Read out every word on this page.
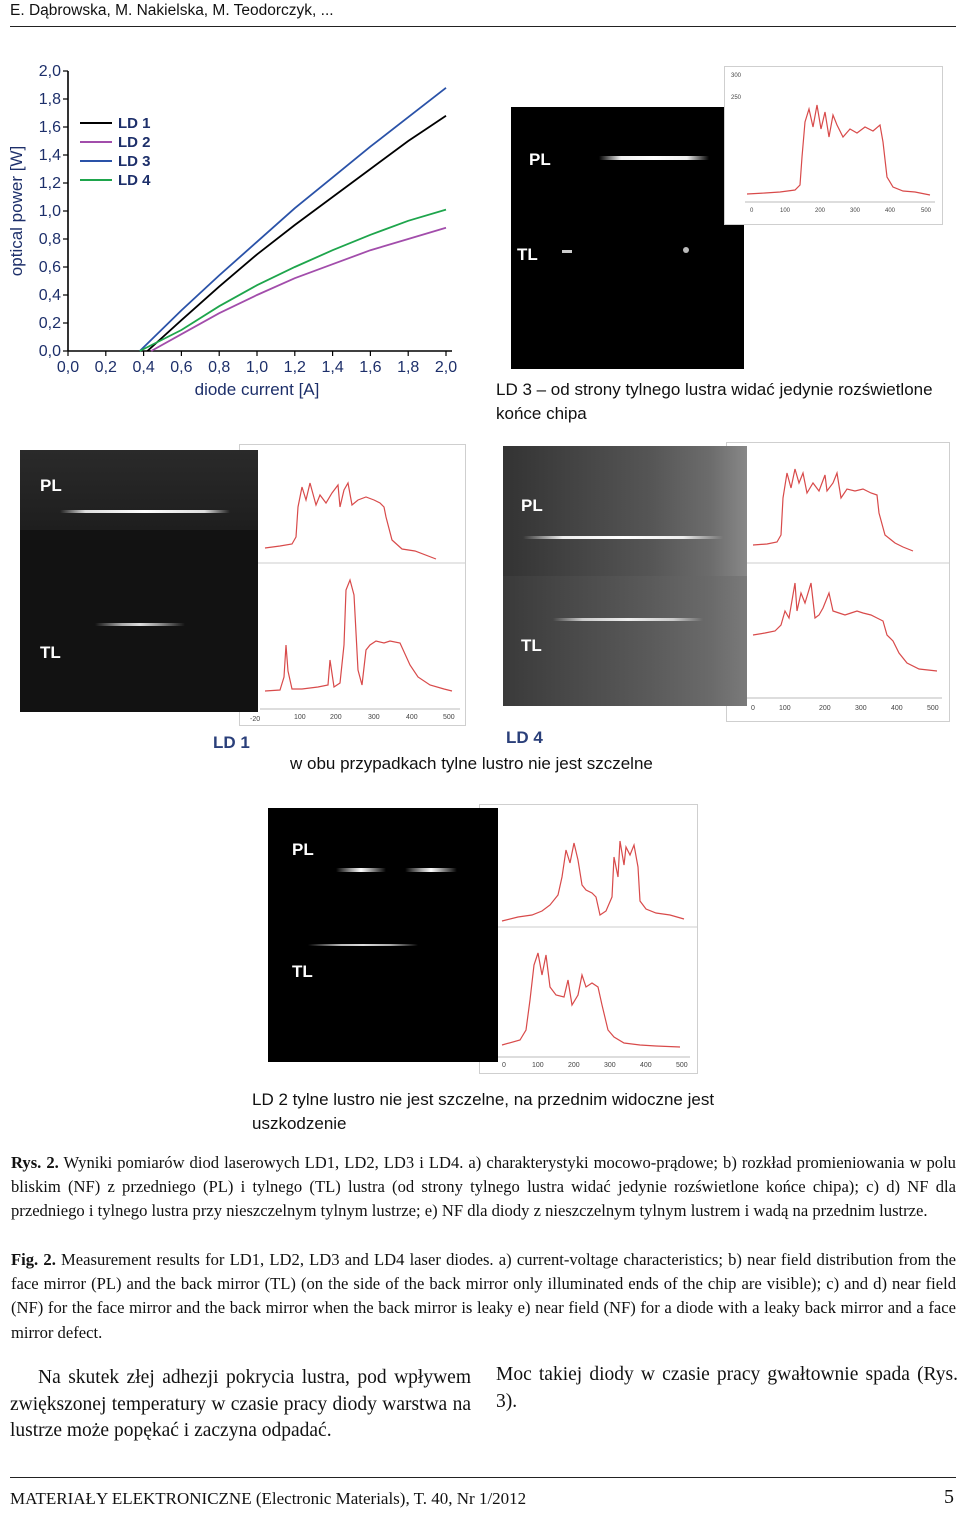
E. Dąbrowska, M. Nakielska, M. Teodorczyk, ...
0,0 0,2 0,4 0,6 0,8 1,0 1,2 1,4 1,6 1,8 2,0
0,0
0,2
0,4
0,6
0,8
1,0
1,2
1,4
1,6
1,8
2,0
diode current [A]
optical power [W]
LD 1
LD 2
LD 3
LD 4
PL
TL
300
250
0	100	200	300	400	500
LD 3 – od strony tylnego lustra widać jedynie rozświetlone końce chipa
-20	100	200	300	400	500
PL
TL
LD 1
0	100	200	300	400	500
PL
TL
LD 4
w obu przypadkach tylne lustro nie jest szczelne
0	100	200	300	400	500
PL
TL
LD 2 tylne lustro nie jest szczelne, na przednim widoczne jest uszkodzenie
Rys. 2. Wyniki pomiarów diod laserowych LD1, LD2, LD3 i LD4. a) charakterystyki mocowo-prądowe; b) rozkład promieniowania w polu bliskim (NF) z przedniego (PL) i tylnego (TL) lustra (od strony tylnego lustra widać jedynie rozświetlone końce chipa); c) d) NF dla przedniego i tylnego lustra przy nieszczelnym tylnym lustrze; e) NF dla diody z nieszczelnym tylnym lustrem i wadą na przednim lustrze.
Fig. 2. Measurement results for LD1, LD2, LD3 and LD4 laser diodes. a) current-voltage characteristics; b) near field distribution from the face mirror (PL) and the back mirror (TL) (on the side of the back mirror only illuminated ends of the chip are visible); c) and d) near field (NF) for the face mirror and the back mirror when the back mirror is leaky e) near field (NF) for a diode with a leaky back mirror and a face mirror defect.
Na skutek złej adhezji pokrycia lustra, pod wpływem zwiększonej temperatury w czasie pracy diody warstwa na lustrze może popękać i zaczyna odpadać.
Moc takiej diody w czasie pracy gwałtownie spada (Rys. 3).
MATERIAŁY ELEKTRONICZNE (Electronic Materials), T. 40, Nr 1/2012	5
